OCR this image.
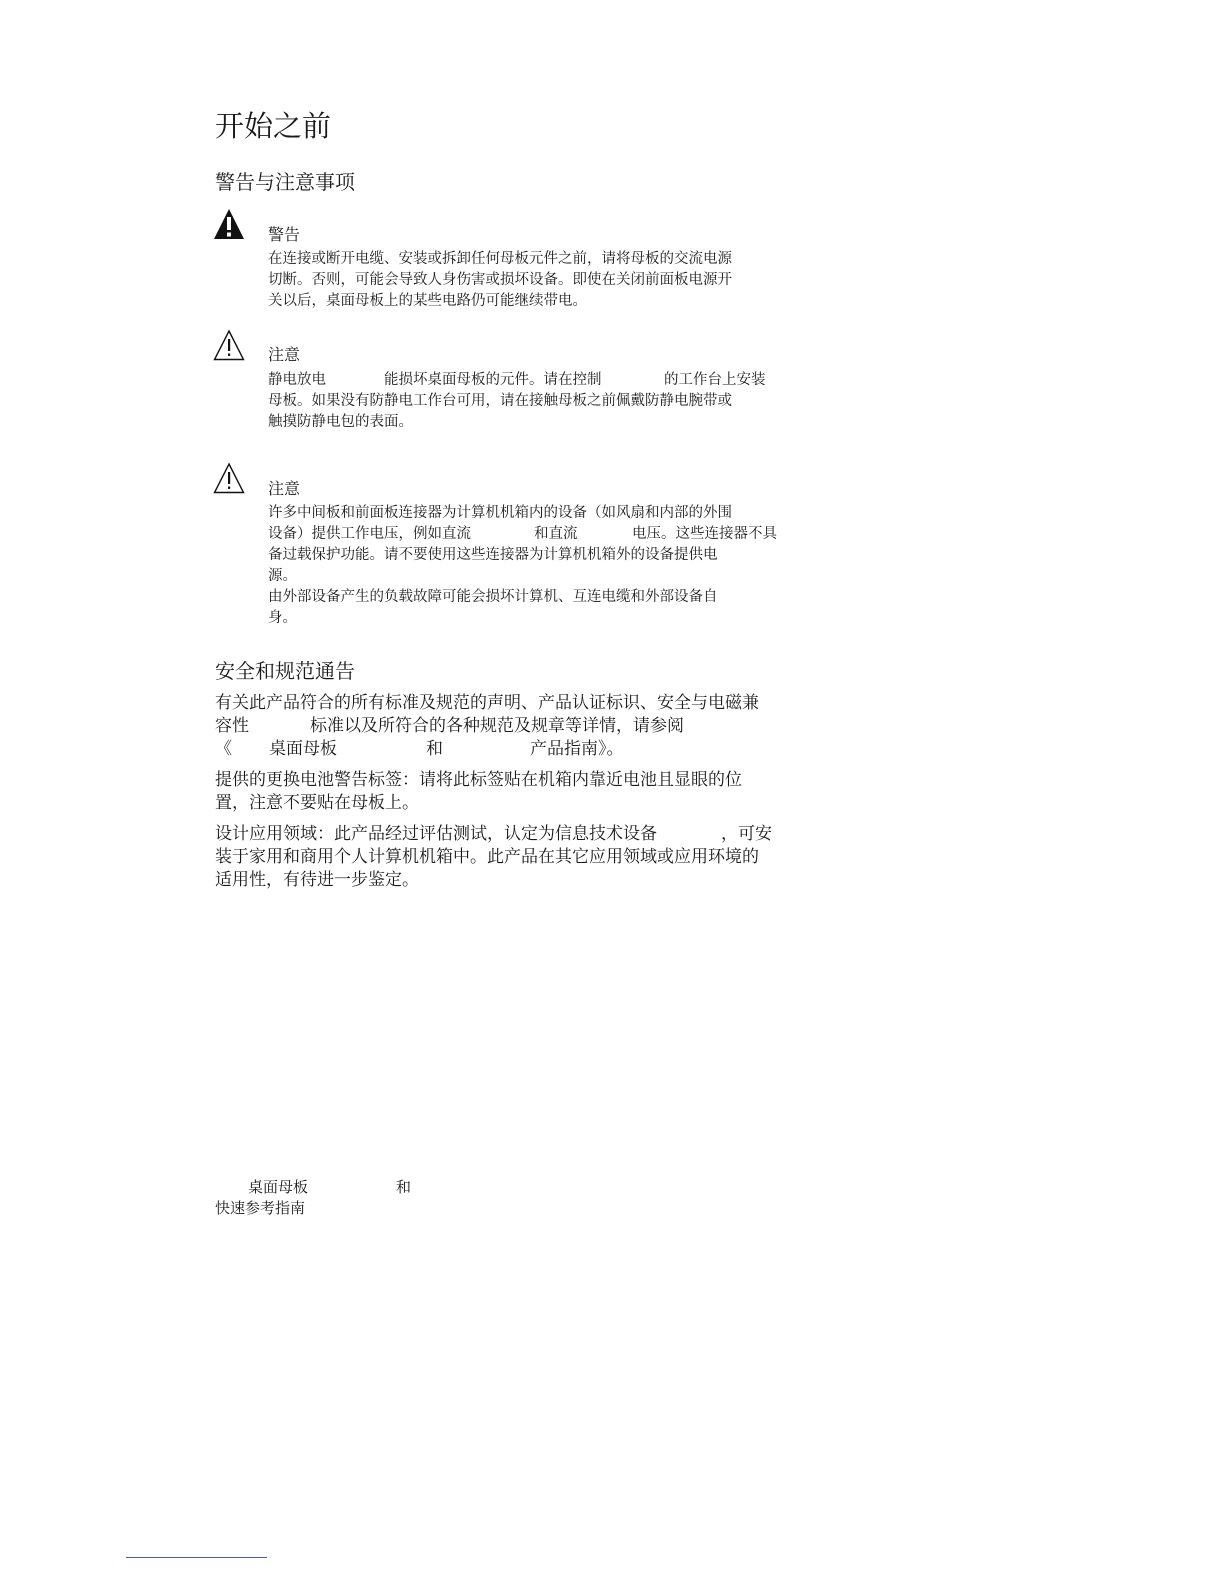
开始之前
警告与注意事项
警告
在连接或断开电缆、安装或拆卸任何母板元件之前，请将母板的交流电源
切断。否则，可能会导致人身伤害或损坏设备。即使在关闭前面板电源开
关以后，桌面母板上的某些电路仍可能继续带电。
注意
静电放电	能损坏桌面母板的元件。请在控制	的工作台上安装
母板。如果没有防静电工作台可用，请在接触母板之前佩戴防静电腕带或
触摸防静电包的表面。
注意
许多中间板和前面板连接器为计算机机箱内的设备（如风扇和内部的外围
设备）提供工作电压，例如直流	和直流	电压。这些连接器不具
备过载保护功能。请不要使用这些连接器为计算机机箱外的设备提供电
源。
由外部设备产生的负载故障可能会损坏计算机、互连电缆和外部设备自
身。
安全和规范通告
有关此产品符合的所有标准及规范的声明、产品认证标识、安全与电磁兼
容性	标准以及所符合的各种规范及规章等详情，请参阅
《 桌面母板	和	产品指南》。
提供的更换电池警告标签：请将此标签贴在机箱内靠近电池且显眼的位
置，注意不要贴在母板上。
设计应用领域：此产品经过评估测试，认定为信息技术设备	，可安
装于家用和商用个人计算机机箱中。此产品在其它应用领域或应用环境的
适用性，有待进一步鉴定。
桌面母板	和
快速参考指南
